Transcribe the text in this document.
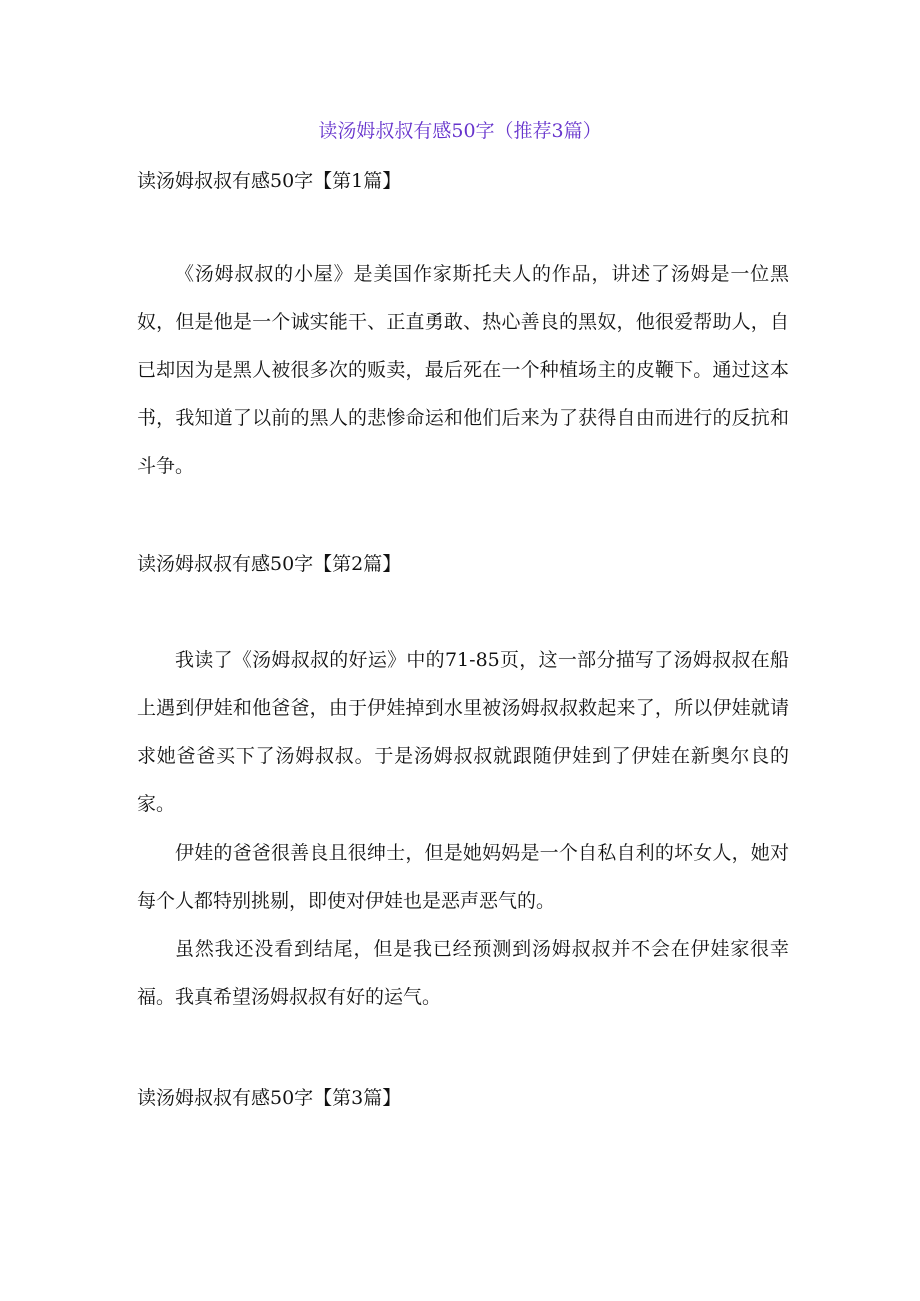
读汤姆叔叔有感50字（推荐3篇）
读汤姆叔叔有感50字【第1篇】

《汤姆叔叔的小屋》是美国作家斯托夫人的作品，讲述了汤姆是一位黑奴，但是他是一个诚实能干、正直勇敢、热心善良的黑奴，他很爱帮助人，自已却因为是黑人被很多次的贩卖，最后死在一个种植场主的皮鞭下。通过这本书，我知道了以前的黑人的悲惨命运和他们后来为了获得自由而进行的反抗和斗争。

读汤姆叔叔有感50字【第2篇】

我读了《汤姆叔叔的好运》中的71-85页，这一部分描写了汤姆叔叔在船上遇到伊娃和他爸爸，由于伊娃掉到水里被汤姆叔叔救起来了，所以伊娃就请求她爸爸买下了汤姆叔叔。于是汤姆叔叔就跟随伊娃到了伊娃在新奥尔良的家。

伊娃的爸爸很善良且很绅士，但是她妈妈是一个自私自利的坏女人，她对每个人都特别挑剔，即使对伊娃也是恶声恶气的。

虽然我还没看到结尾，但是我已经预测到汤姆叔叔并不会在伊娃家很幸福。我真希望汤姆叔叔有好的运气。

读汤姆叔叔有感50字【第3篇】
